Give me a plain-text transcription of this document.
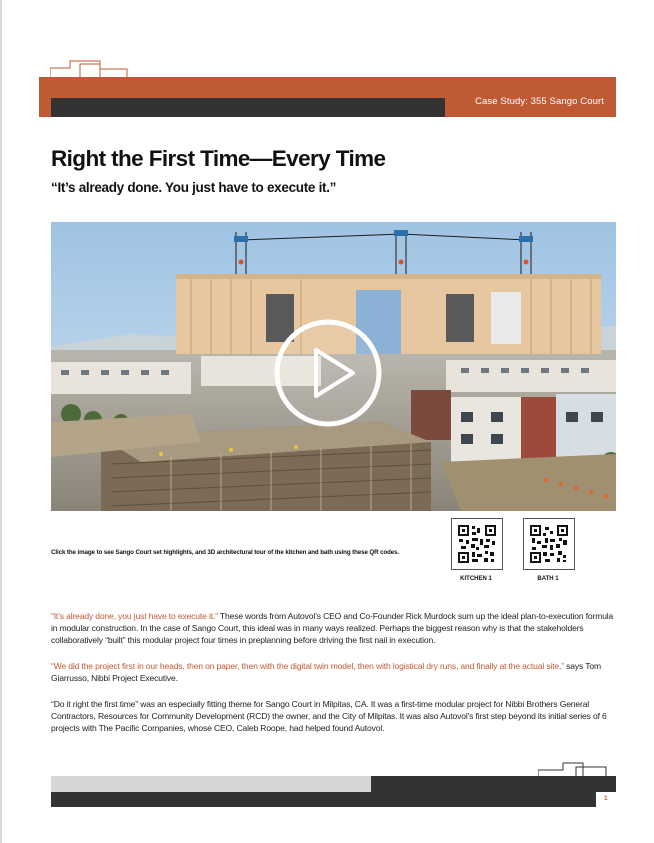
Case Study: 355 Sango Court
Right the First Time—Every Time

“It’s already done. You just have to execute it.”

Click the image to see Sango Court set highlights, and 3D architectural tour of the kitchen and bath using these QR codes.
KITCHEN 1	BATH 1

“It’s already done, you just have to execute it.” These words from Autovol’s CEO and Co-Founder Rick Murdock sum up the ideal plan-to-execution formula in modular construction. In the case of Sango Court, this ideal was in many ways realized. Perhaps the biggest reason why is that the stakeholders collaboratively “built” this modular project four times in preplanning before driving the first nail in execution.

“We did the project first in our heads, then on paper, then with the digital twin model, then with logistical dry runs, and finally at the actual site,” says Tom Giarrusso, Nibbi Project Executive.

“Do it right the first time” was an especially fitting theme for Sango Court in Milpitas, CA. It was a first-time modular project for Nibbi Brothers General Contractors, Resources for Community Development (RCD) the owner, and the City of Milpitas. It was also Autovol’s first step beyond its initial series of 6 projects with The Pacific Companies, whose CEO, Caleb Roope, had helped found Autovol.

1
